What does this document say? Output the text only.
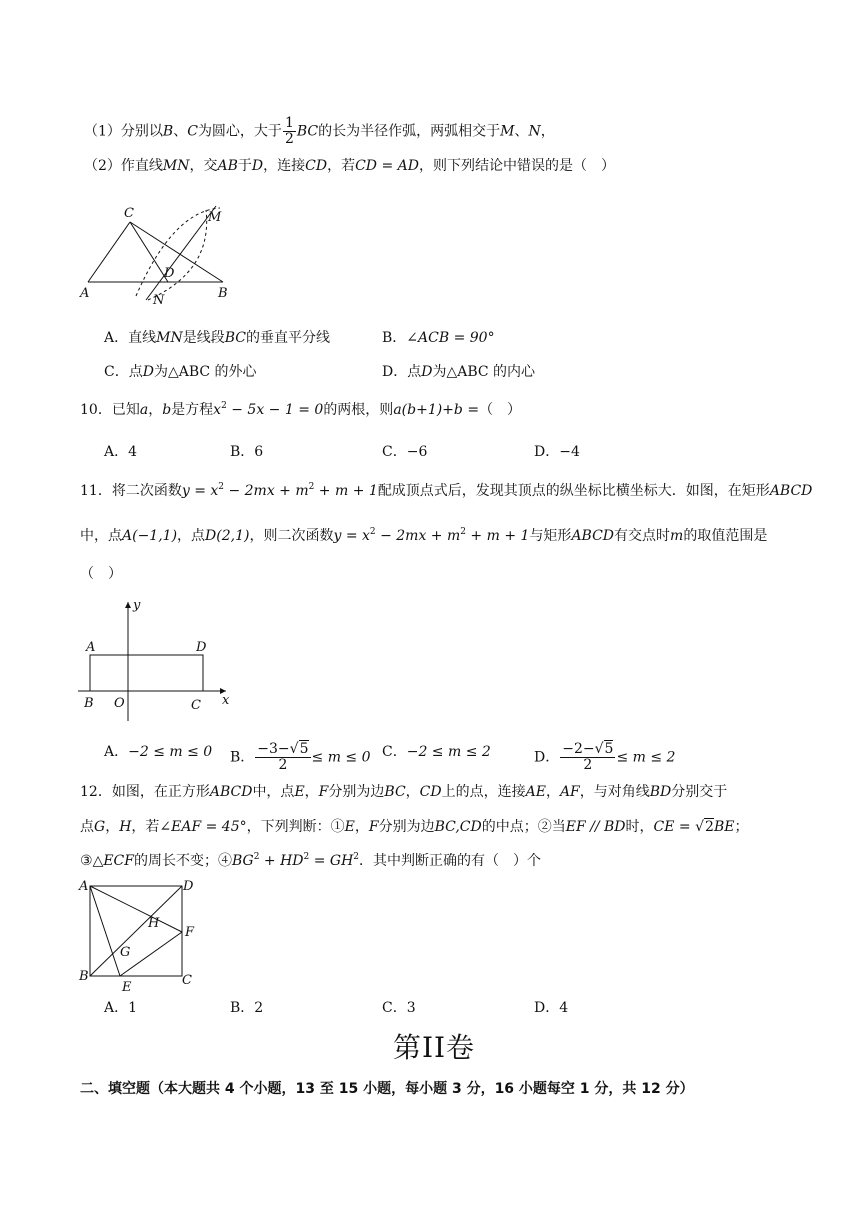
（1）分别以B、C为圆心，大于 $\frac{1}{2}$ BC的长为半径作弧，两弧相交于M、N，
（2）作直线MN，交AB于D，连接CD，若CD = AD，则下列结论中错误的是（　）
C	M
D
A	N	B
A．直线MN是线段BC的垂直平分线	B．∠ACB = 90°
C．点D为△ABC 的外心	D．点D为△ABC 的内心
10．已知a，b是方程$x^2 - 5x - 1 = 0$的两根，则a(b+1)+b =（　）
A．4	B．6	C．−6	D．−4
11．将二次函数$y = x^2 - 2mx + m^2 + m + 1$配成顶点式后，发现其顶点的纵坐标比横坐标大．如图，在矩形ABCD
中，点A(−1,1)，点D(2,1)，则二次函数$y = x^2 - 2mx + m^2 + m + 1$与矩形ABCD有交点时m的取值范围是
（　）
y
A	D
B O	C x
A．−2 ≤ m ≤ 0 B． $\frac{-3-√5}{2} \le m \le 0$ C．−2 ≤ m ≤ 2	D． $\frac{-2-√5}{2} \le m \le 2$
12．如图，在正方形ABCD中，点E，F分别为边BC，CD上的点，连接AE，AF，与对角线BD分别交于
点G，H，若∠EAF = 45°，下列判断：①E，F分别为边BC,CD的中点；②当EF // BD时，CE = √2BE；
③△ECF的周长不变；$④BG^2 + HD^2 = GH^2$．其中判断正确的有（　）个
A	D
H
F
G
B
E	C
A．1	B．2	C．3	D．4
第II卷
二、填空题（本大题共 4 个小题，13 至 15 小题，每小题 3 分，16 小题每空 1 分，共 12 分）
